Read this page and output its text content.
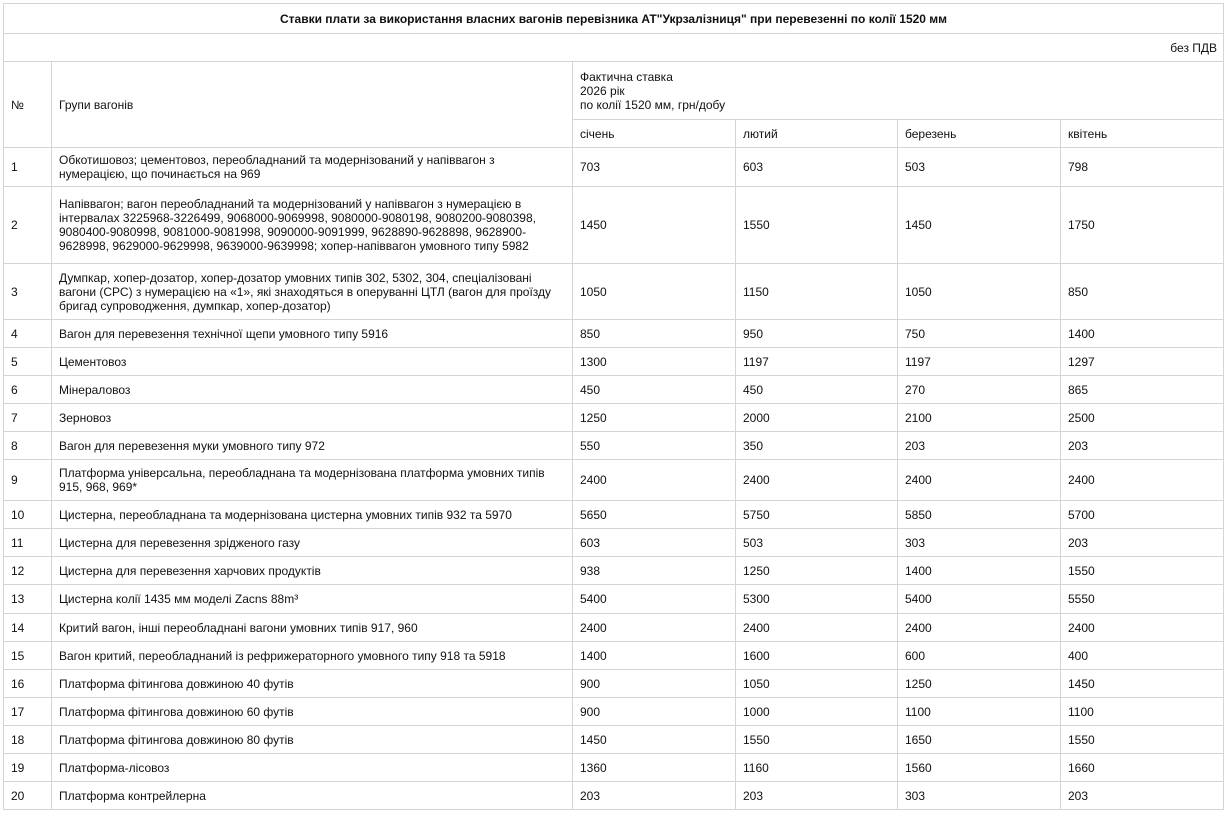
Ставки плати за використання власних вагонів перевізника АТ"Укрзалізниця" при перевезенні по колії 1520 мм					
без ПДВ					
№	Групи вагонів	Фактична ставка
2026 рік
по колії 1520 мм, грн/добу			

		січень	лютий	березень	квітень
1	Обкотишовоз; цементовоз, переобладнаний та модернізований у напіввагон з нумерацією, що починається на 969	703	603	503	798
2	Напіввагон; вагон переобладнаний та модернізований у напіввагон з нумерацією в інтервалах 3225968-3226499, 9068000-9069998, 9080000-9080198, 9080200-9080398, 9080400-9080998, 9081000-9081998, 9090000-9091999, 9628890-9628898, 9628900-9628998, 9629000-9629998, 9639000-9639998; хопер-напіввагон умовного типу 5982	1450	1550	1450	1750
3	Думпкар, хопер-дозатор, хопер-дозатор умовних типів 302, 5302, 304, спеціалізовані вагони (СРС) з нумерацією на «1», які знаходяться в оперуванні ЦТЛ (вагон для проїзду бригад супроводження, думпкар, хопер-дозатор)	1050	1150	1050	850
4	Вагон для перевезення технічної щепи умовного типу 5916	850	950	750	1400
5	Цементовоз	1300	1197	1197	1297
6	Мінераловоз	450	450	270	865
7	Зерновоз	1250	2000	2100	2500
8	Вагон для перевезення муки умовного типу 972	550	350	203	203
9	Платформа універсальна, переобладнана та модернізована платформа умовних типів 915, 968, 969*	2400	2400	2400	2400
10	Цистерна, переобладнана та модернізована цистерна умовних типів 932 та 5970	5650	5750	5850	5700
11	Цистерна для перевезення зрідженого газу	603	503	303	203
12	Цистерна для перевезення харчових продуктів	938	1250	1400	1550
13	Цистерна колії 1435 мм моделі Zacns 88m³	5400	5300	5400	5550
14	Критий вагон, інші переобладнані вагони умовних типів 917, 960	2400	2400	2400	2400
15	Вагон критий, переобладнаний із рефрижераторного умовного типу 918 та 5918	1400	1600	600	400
16	Платформа фітингова довжиною 40 футів	900	1050	1250	1450
17	Платформа фітингова довжиною 60 футів	900	1000	1100	1100
18	Платформа фітингова довжиною 80 футів	1450	1550	1650	1550
19	Платформа-лісовоз	1360	1160	1560	1660
20	Платформа контрейлерна	203	203	303	203
